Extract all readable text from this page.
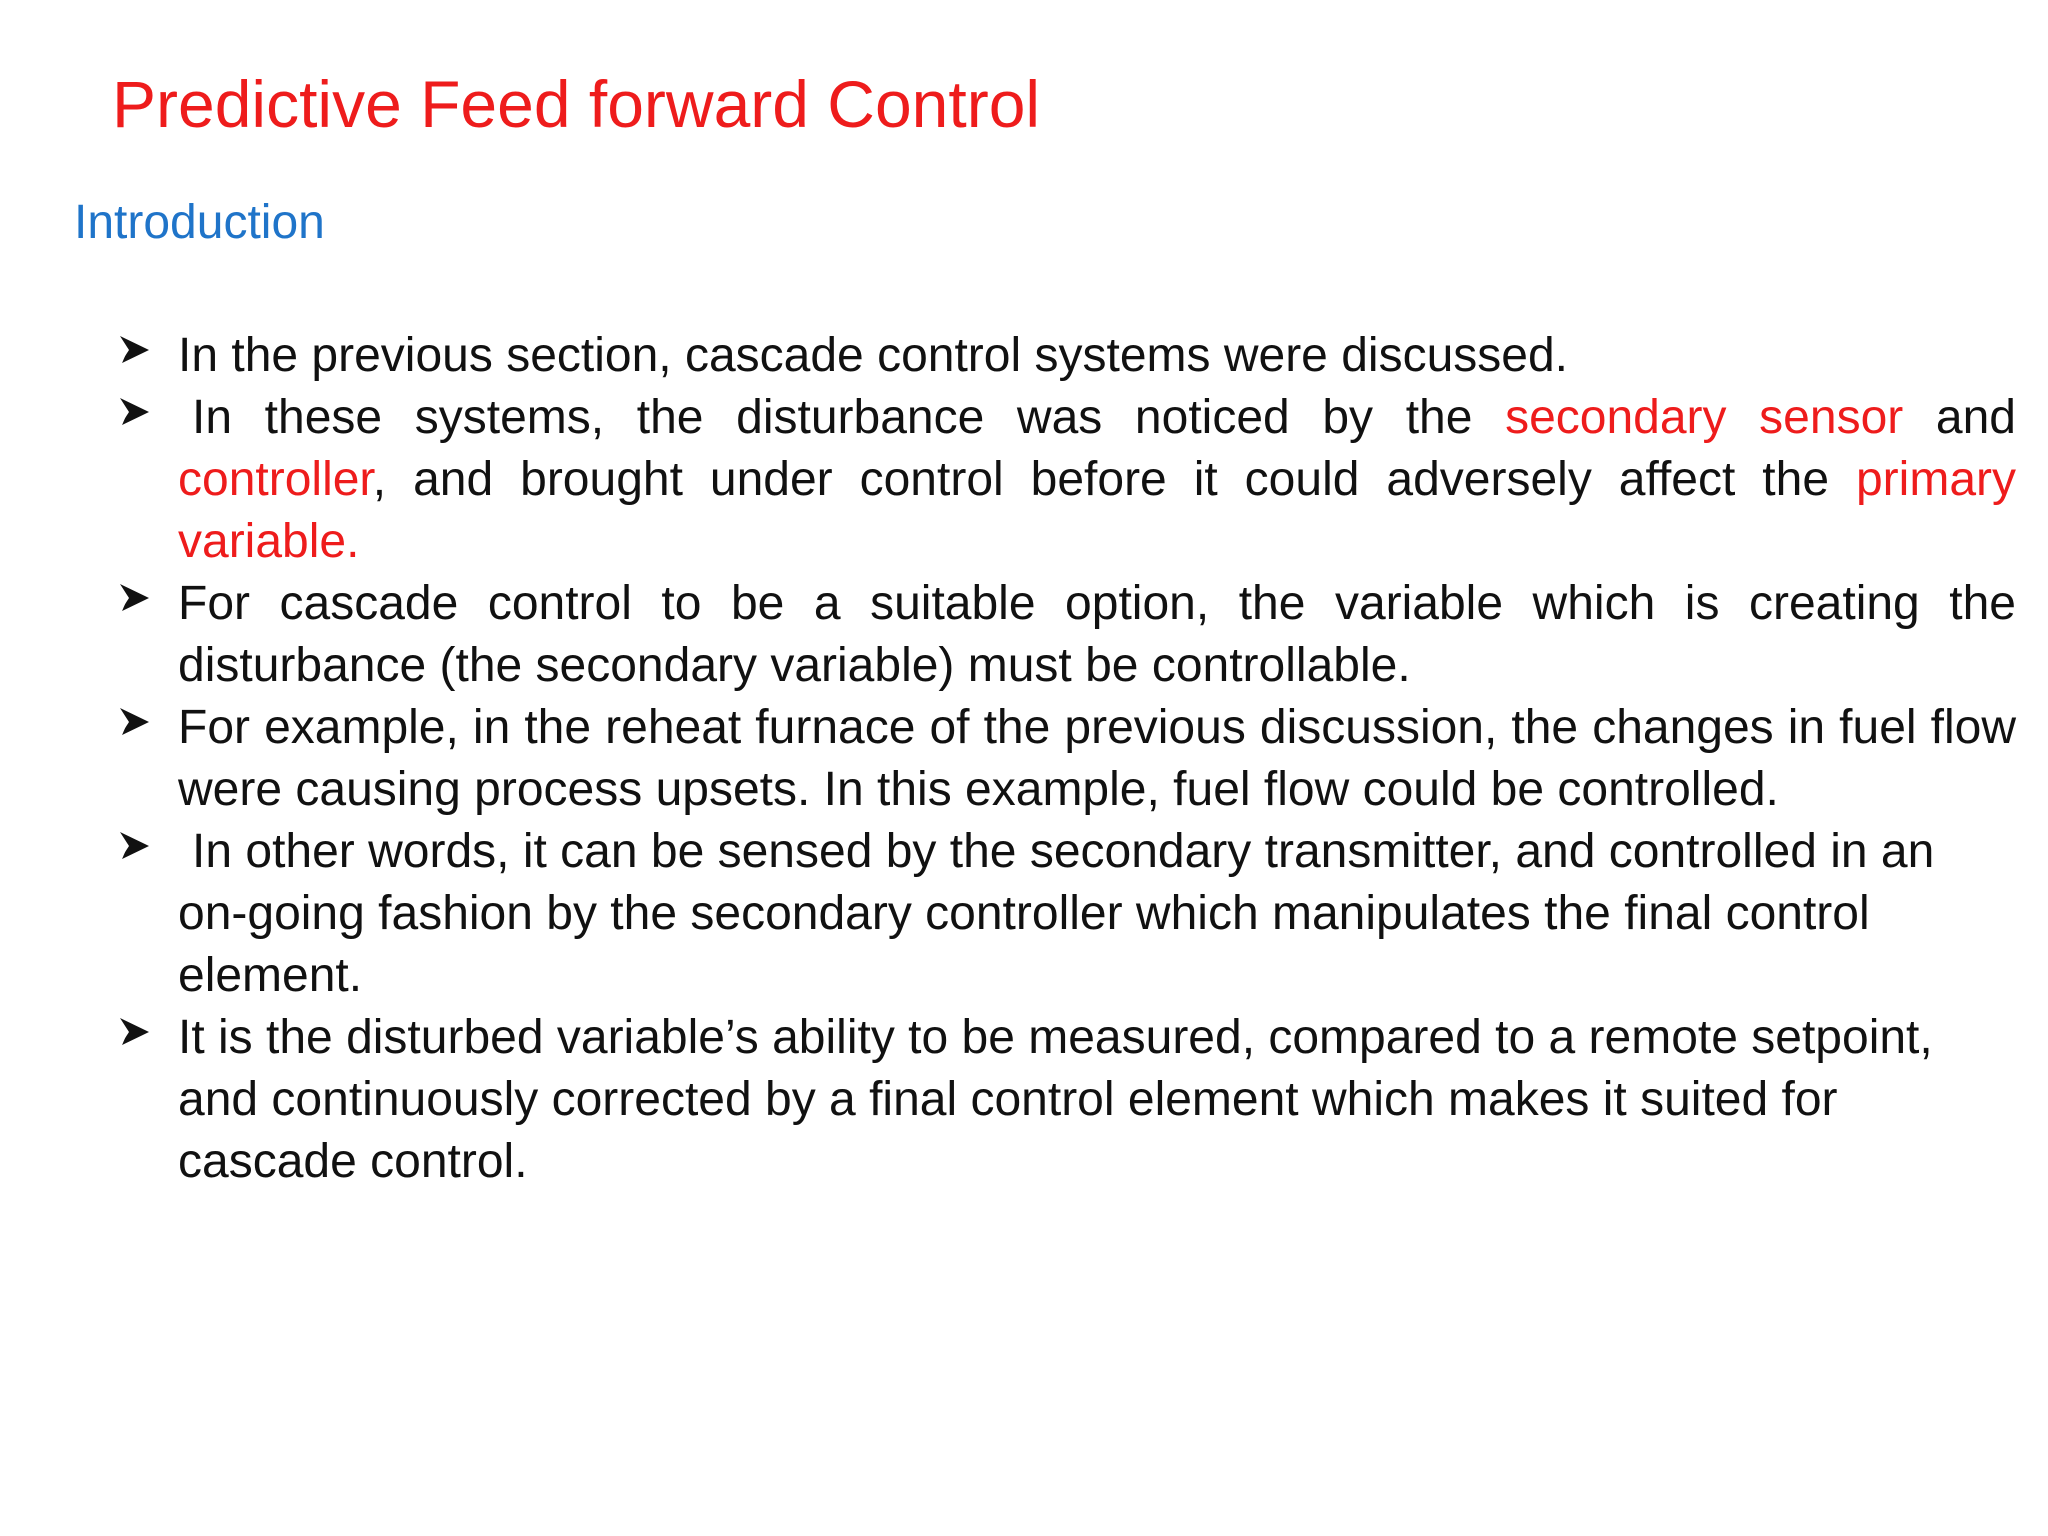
Predictive Feed forward Control
Introduction
In the previous section, cascade control systems were discussed.
In these systems, the disturbance was noticed by the secondary sensor and controller, and brought under control before it could adversely affect the primary variable.
For cascade control to be a suitable option, the variable which is creating the disturbance (the secondary variable) must be controllable.
For example, in the reheat furnace of the previous discussion, the changes in fuel flow were causing process upsets. In this example, fuel flow could be controlled.
In other words, it can be sensed by the secondary transmitter, and controlled in an on-going fashion by the secondary controller which manipulates the final control element.
It is the disturbed variable’s ability to be measured, compared to a remote setpoint, and continuously corrected by a final control element which makes it suited for cascade control.
